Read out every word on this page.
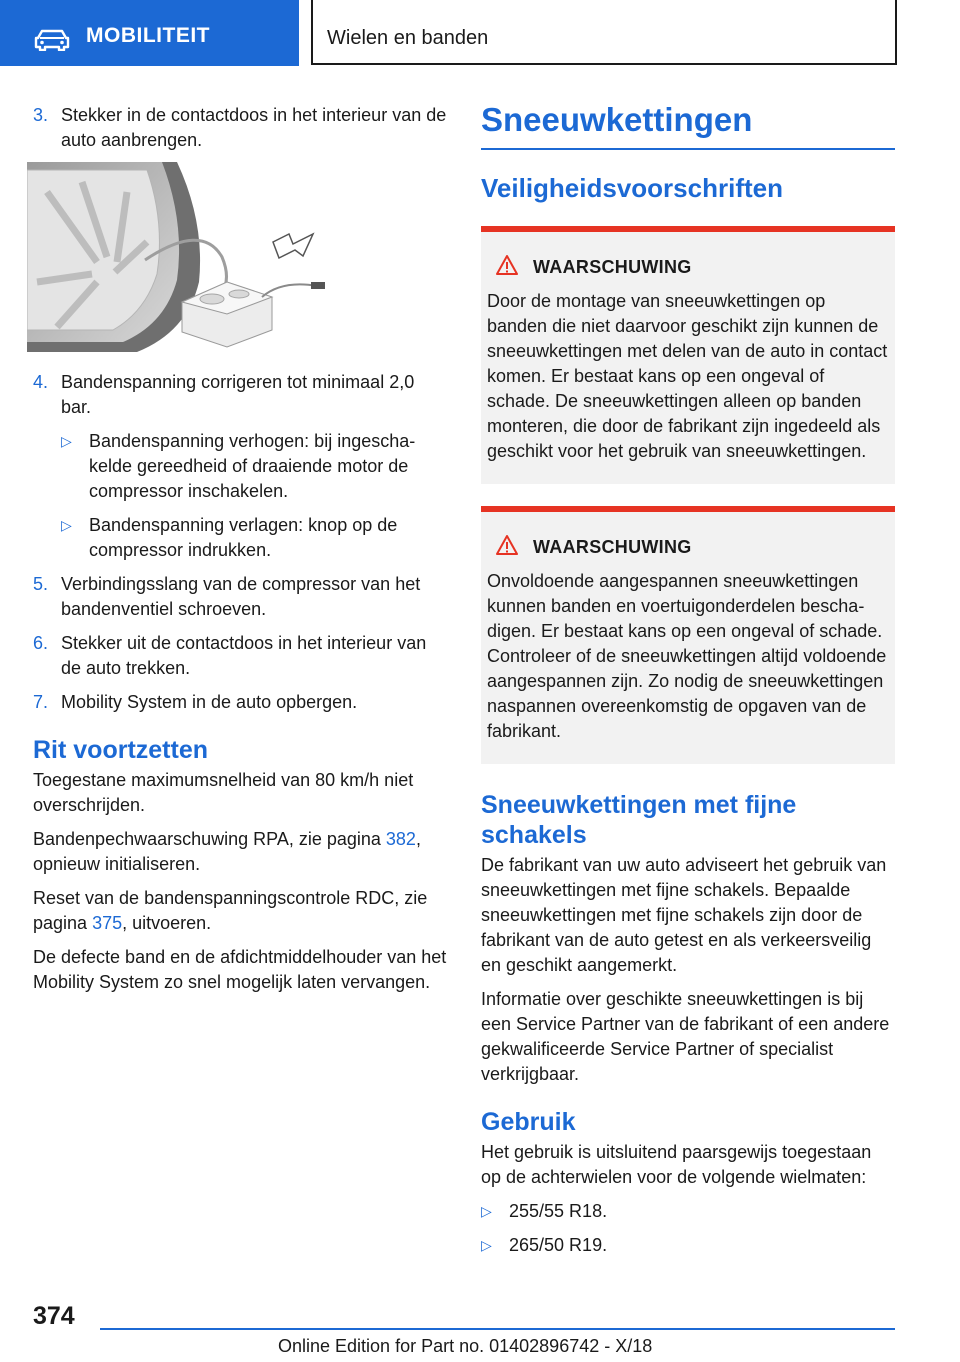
MOBILITEIT	Wielen en banden
3. Stekker in de contactdoos in het interieur van de auto aanbrengen.
4. Bandenspanning corrigeren tot minimaal 2,0 bar.
▷ Bandenspanning verhogen: bij ingeschakelde gereedheid of draaiende motor de compressor inschakelen.
▷ Bandenspanning verlagen: knop op de compressor indrukken.
5. Verbindingsslang van de compressor van het bandenventiel schroeven.
6. Stekker uit de contactdoos in het interieur van de auto trekken.
7. Mobility System in de auto opbergen.
Rit voortzetten

Toegestane maximumsnelheid van 80 km/h niet overschrijden.

Bandenpechwaarschuwing RPA, zie pagina 382, opnieuw initialiseren.

Reset van de bandenspanningscontrole RDC, zie pagina 375, uitvoeren.

De defecte band en de afdichtmiddelhouder van het Mobility System zo snel mogelijk laten vervangen.

Sneeuwkettingen
Veiligheidsvoorschriften
WAARSCHUWING

Door de montage van sneeuwkettingen op banden die niet daarvoor geschikt zijn kunnen de sneeuwkettingen met delen van de auto in contact komen. Er bestaat kans op een ongeval of schade. De sneeuwkettingen alleen op banden monteren, die door de fabrikant zijn ingedeeld als geschikt voor het gebruik van sneeuwkettingen.

WAARSCHUWING

Onvoldoende aangespannen sneeuwkettingen kunnen banden en voertuigonderdelen beschadigen. Er bestaat kans op een ongeval of schade. Controleer of de sneeuwkettingen altijd voldoende aangespannen zijn. Zo nodig de sneeuwkettingen naspannen overeenkomstig de opgaven van de fabrikant.

Sneeuwkettingen met fijne schakels

De fabrikant van uw auto adviseert het gebruik van sneeuwkettingen met fijne schakels. Bepaalde sneeuwkettingen met fijne schakels zijn door de fabrikant van de auto getest en als verkeersveilig en geschikt aangemerkt.

Informatie over geschikte sneeuwkettingen is bij een Service Partner van de fabrikant of een andere gekwalificeerde Service Partner of specialist verkrijgbaar.

Gebruik

Het gebruik is uitsluitend paarsgewijs toegestaan op de achterwielen voor de volgende wielmaten:

▷ 255/55 R18.
▷ 265/50 R19.
374
Online Edition for Part no. 01402896742 - X/18
